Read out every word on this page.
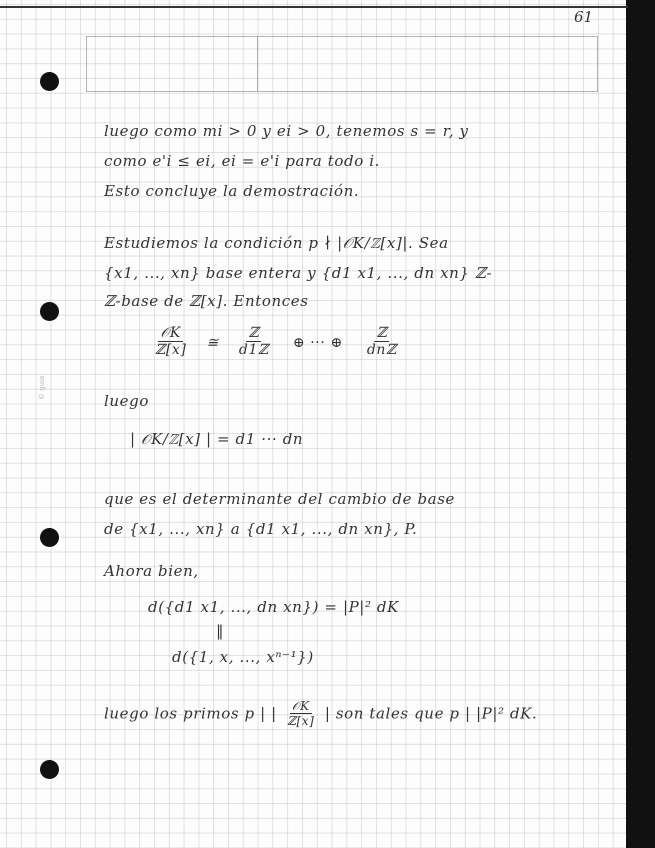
61
© guia
luego como mi > 0 y ei > 0, tenemos s = r, y
como e'i ≤ ei, ei = e'i para todo i.
Esto concluye la demostración.
Estudiemos la condición p ∤ |𝒪K/ℤ[x]|. Sea
{x1, ..., xn} base entera y {d1 x1, ..., dn xn} ℤ-
ℤ-base de ℤ[x]. Entonces
$\frac{\text{𝒪K}}{\text{ℤ[x]}}$ ≅ $\frac{\text{ℤ}}{\text{d1ℤ}}$ ⊕ ··· ⊕ $\frac{\text{ℤ}}{\text{dnℤ}}$
luego
| 𝒪K/ℤ[x] | = d1 ··· dn
que es el determinante del cambio de base
de {x1, ..., xn} a {d1 x1, ..., dn xn}, P.
Ahora bien,
d({d1 x1, ..., dn xn}) = |P|² dK
‖
d({1, x, ..., xⁿ⁻¹})
luego los primos p | | $\frac{\text{𝒪K}}{\text{ℤ[x]}}$ | son tales que p | |P|² dK.
